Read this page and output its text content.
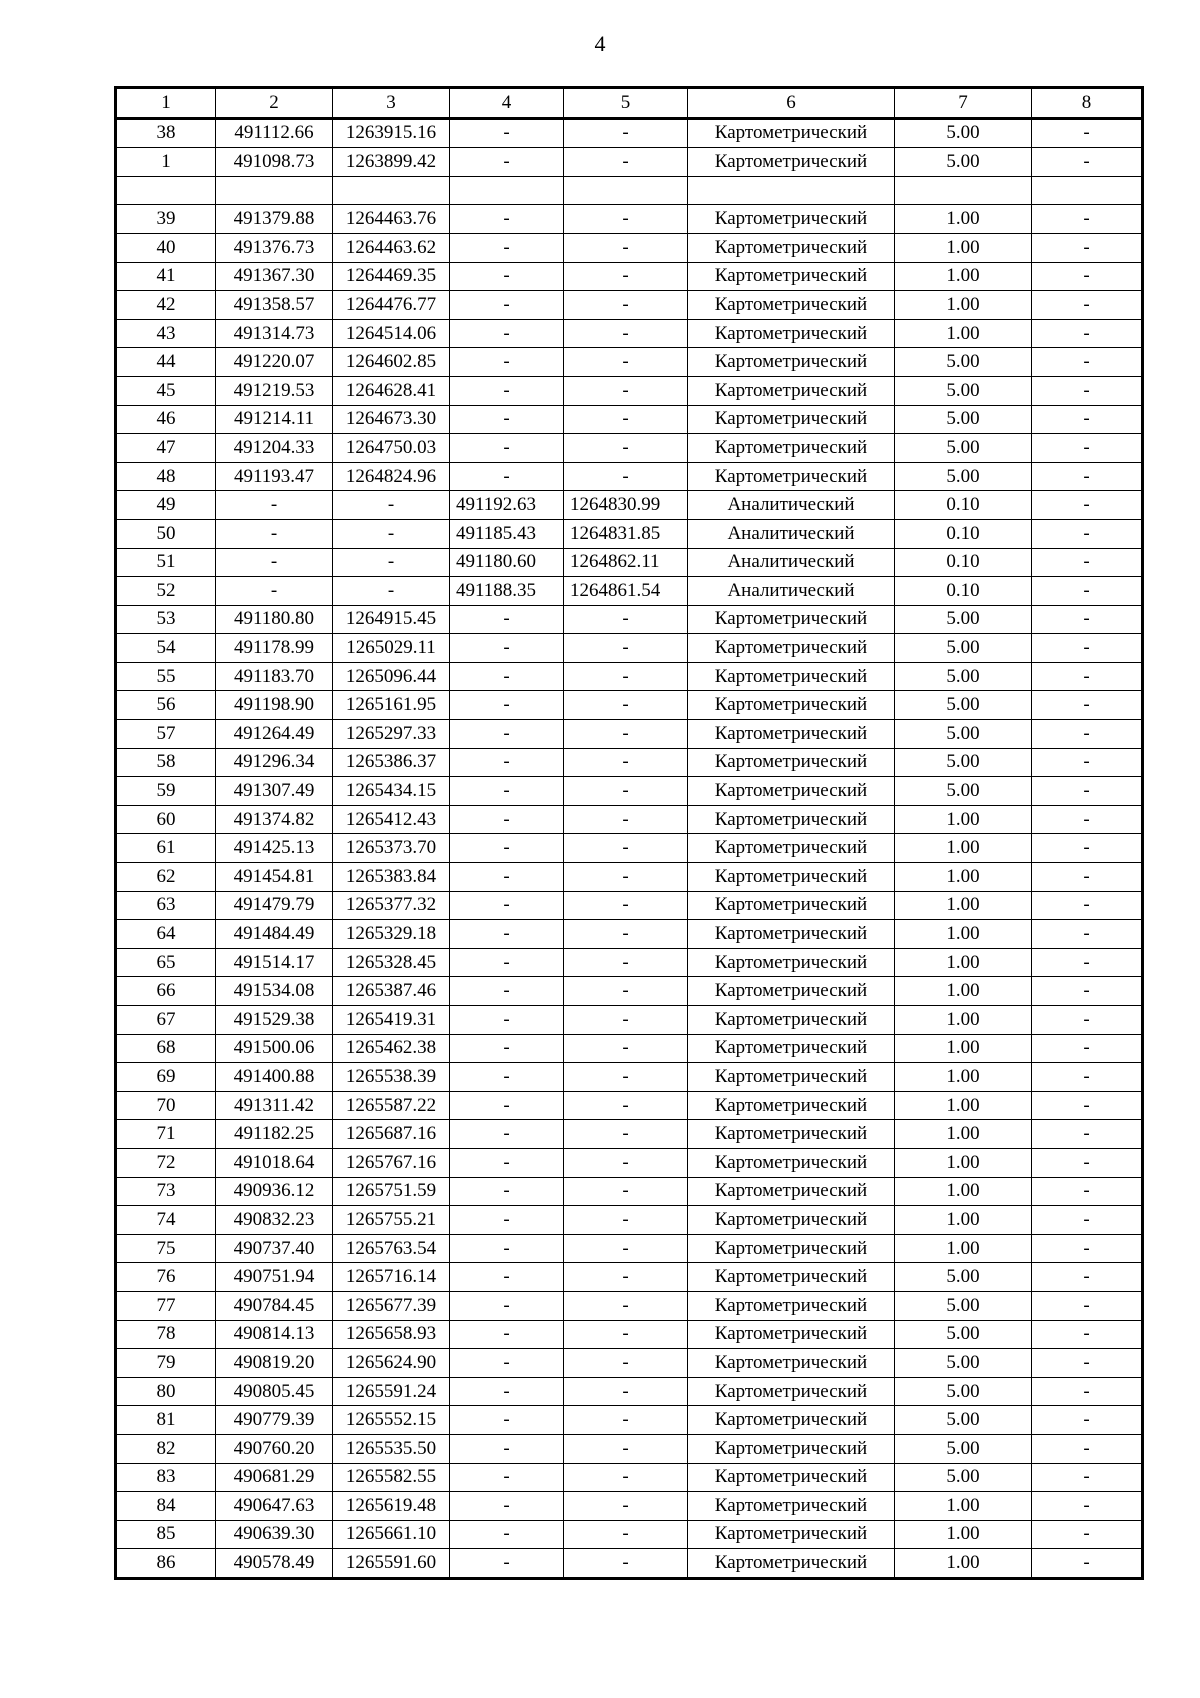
4
1	2	3	4	5	6	7	8
38	491112.66	1263915.16	-	-	Картометрический	5.00	-
1	491098.73	1263899.42	-	-	Картометрический	5.00	-

39	491379.88	1264463.76	-	-	Картометрический	1.00	-
40	491376.73	1264463.62	-	-	Картометрический	1.00	-
41	491367.30	1264469.35	-	-	Картометрический	1.00	-
42	491358.57	1264476.77	-	-	Картометрический	1.00	-
43	491314.73	1264514.06	-	-	Картометрический	1.00	-
44	491220.07	1264602.85	-	-	Картометрический	5.00	-
45	491219.53	1264628.41	-	-	Картометрический	5.00	-
46	491214.11	1264673.30	-	-	Картометрический	5.00	-
47	491204.33	1264750.03	-	-	Картометрический	5.00	-
48	491193.47	1264824.96	-	-	Картометрический	5.00	-
49	-	-	491192.63	1264830.99	Аналитический	0.10	-
50	-	-	491185.43	1264831.85	Аналитический	0.10	-
51	-	-	491180.60	1264862.11	Аналитический	0.10	-
52	-	-	491188.35	1264861.54	Аналитический	0.10	-
53	491180.80	1264915.45	-	-	Картометрический	5.00	-
54	491178.99	1265029.11	-	-	Картометрический	5.00	-
55	491183.70	1265096.44	-	-	Картометрический	5.00	-
56	491198.90	1265161.95	-	-	Картометрический	5.00	-
57	491264.49	1265297.33	-	-	Картометрический	5.00	-
58	491296.34	1265386.37	-	-	Картометрический	5.00	-
59	491307.49	1265434.15	-	-	Картометрический	5.00	-
60	491374.82	1265412.43	-	-	Картометрический	1.00	-
61	491425.13	1265373.70	-	-	Картометрический	1.00	-
62	491454.81	1265383.84	-	-	Картометрический	1.00	-
63	491479.79	1265377.32	-	-	Картометрический	1.00	-
64	491484.49	1265329.18	-	-	Картометрический	1.00	-
65	491514.17	1265328.45	-	-	Картометрический	1.00	-
66	491534.08	1265387.46	-	-	Картометрический	1.00	-
67	491529.38	1265419.31	-	-	Картометрический	1.00	-
68	491500.06	1265462.38	-	-	Картометрический	1.00	-
69	491400.88	1265538.39	-	-	Картометрический	1.00	-
70	491311.42	1265587.22	-	-	Картометрический	1.00	-
71	491182.25	1265687.16	-	-	Картометрический	1.00	-
72	491018.64	1265767.16	-	-	Картометрический	1.00	-
73	490936.12	1265751.59	-	-	Картометрический	1.00	-
74	490832.23	1265755.21	-	-	Картометрический	1.00	-
75	490737.40	1265763.54	-	-	Картометрический	1.00	-
76	490751.94	1265716.14	-	-	Картометрический	5.00	-
77	490784.45	1265677.39	-	-	Картометрический	5.00	-
78	490814.13	1265658.93	-	-	Картометрический	5.00	-
79	490819.20	1265624.90	-	-	Картометрический	5.00	-
80	490805.45	1265591.24	-	-	Картометрический	5.00	-
81	490779.39	1265552.15	-	-	Картометрический	5.00	-
82	490760.20	1265535.50	-	-	Картометрический	5.00	-
83	490681.29	1265582.55	-	-	Картометрический	5.00	-
84	490647.63	1265619.48	-	-	Картометрический	1.00	-
85	490639.30	1265661.10	-	-	Картометрический	1.00	-
86	490578.49	1265591.60	-	-	Картометрический	1.00	-
